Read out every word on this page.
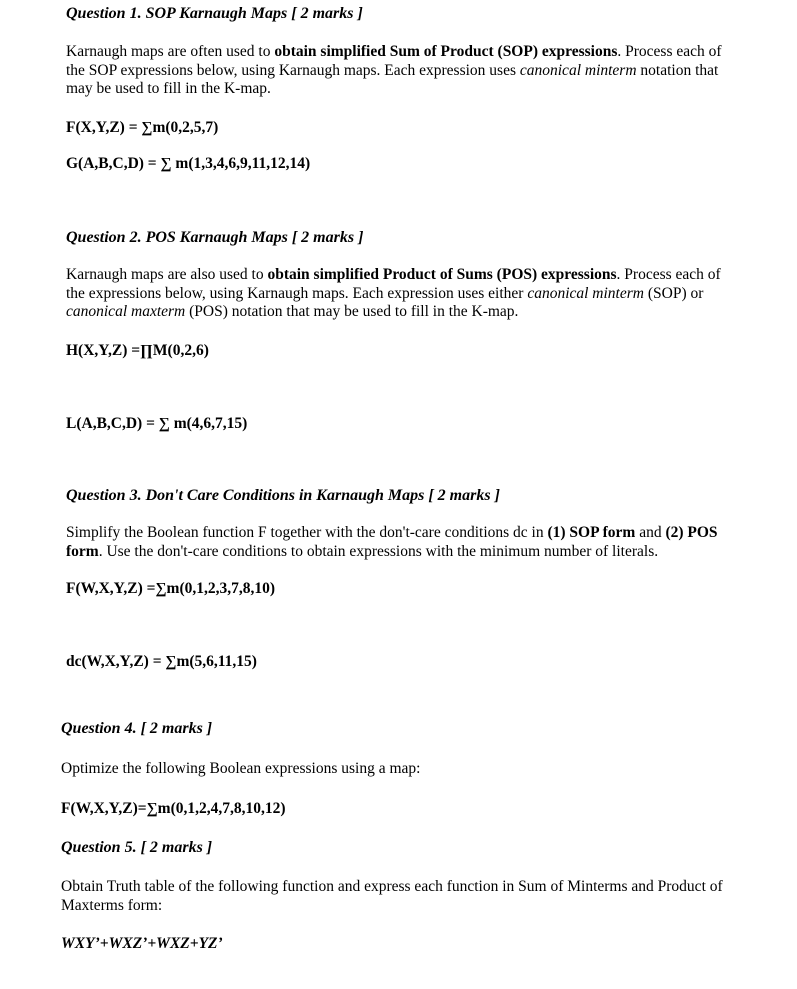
Question 1. SOP Karnaugh Maps [ 2 marks ]
Karnaugh maps are often used to obtain simplified Sum of Product (SOP) expressions. Process each of the SOP expressions below, using Karnaugh maps. Each expression uses canonical minterm notation that may be used to fill in the K-map.
F(X,Y,Z) = ∑m(0,2,5,7)
G(A,B,C,D) = ∑ m(1,3,4,6,9,11,12,14)
Question 2. POS Karnaugh Maps [ 2 marks ]
Karnaugh maps are also used to obtain simplified Product of Sums (POS) expressions. Process each of the expressions below, using Karnaugh maps. Each expression uses either canonical minterm (SOP) or canonical maxterm (POS) notation that may be used to fill in the K-map.
H(X,Y,Z) =∏M(0,2,6)
L(A,B,C,D) = ∑ m(4,6,7,15)
Question 3. Don't Care Conditions in Karnaugh Maps [ 2 marks ]
Simplify the Boolean function F together with the don't-care conditions dc in (1) SOP form and (2) POS form. Use the don't-care conditions to obtain expressions with the minimum number of literals.
F(W,X,Y,Z) =∑m(0,1,2,3,7,8,10)
dc(W,X,Y,Z) = ∑m(5,6,11,15)
Question 4. [ 2 marks ]
Optimize the following Boolean expressions using a map:
F(W,X,Y,Z)=∑m(0,1,2,4,7,8,10,12)
Question 5. [ 2 marks ]
Obtain Truth table of the following function and express each function in Sum of Minterms and Product of Maxterms form:
WXY’+WXZ’+WXZ+YZ’
